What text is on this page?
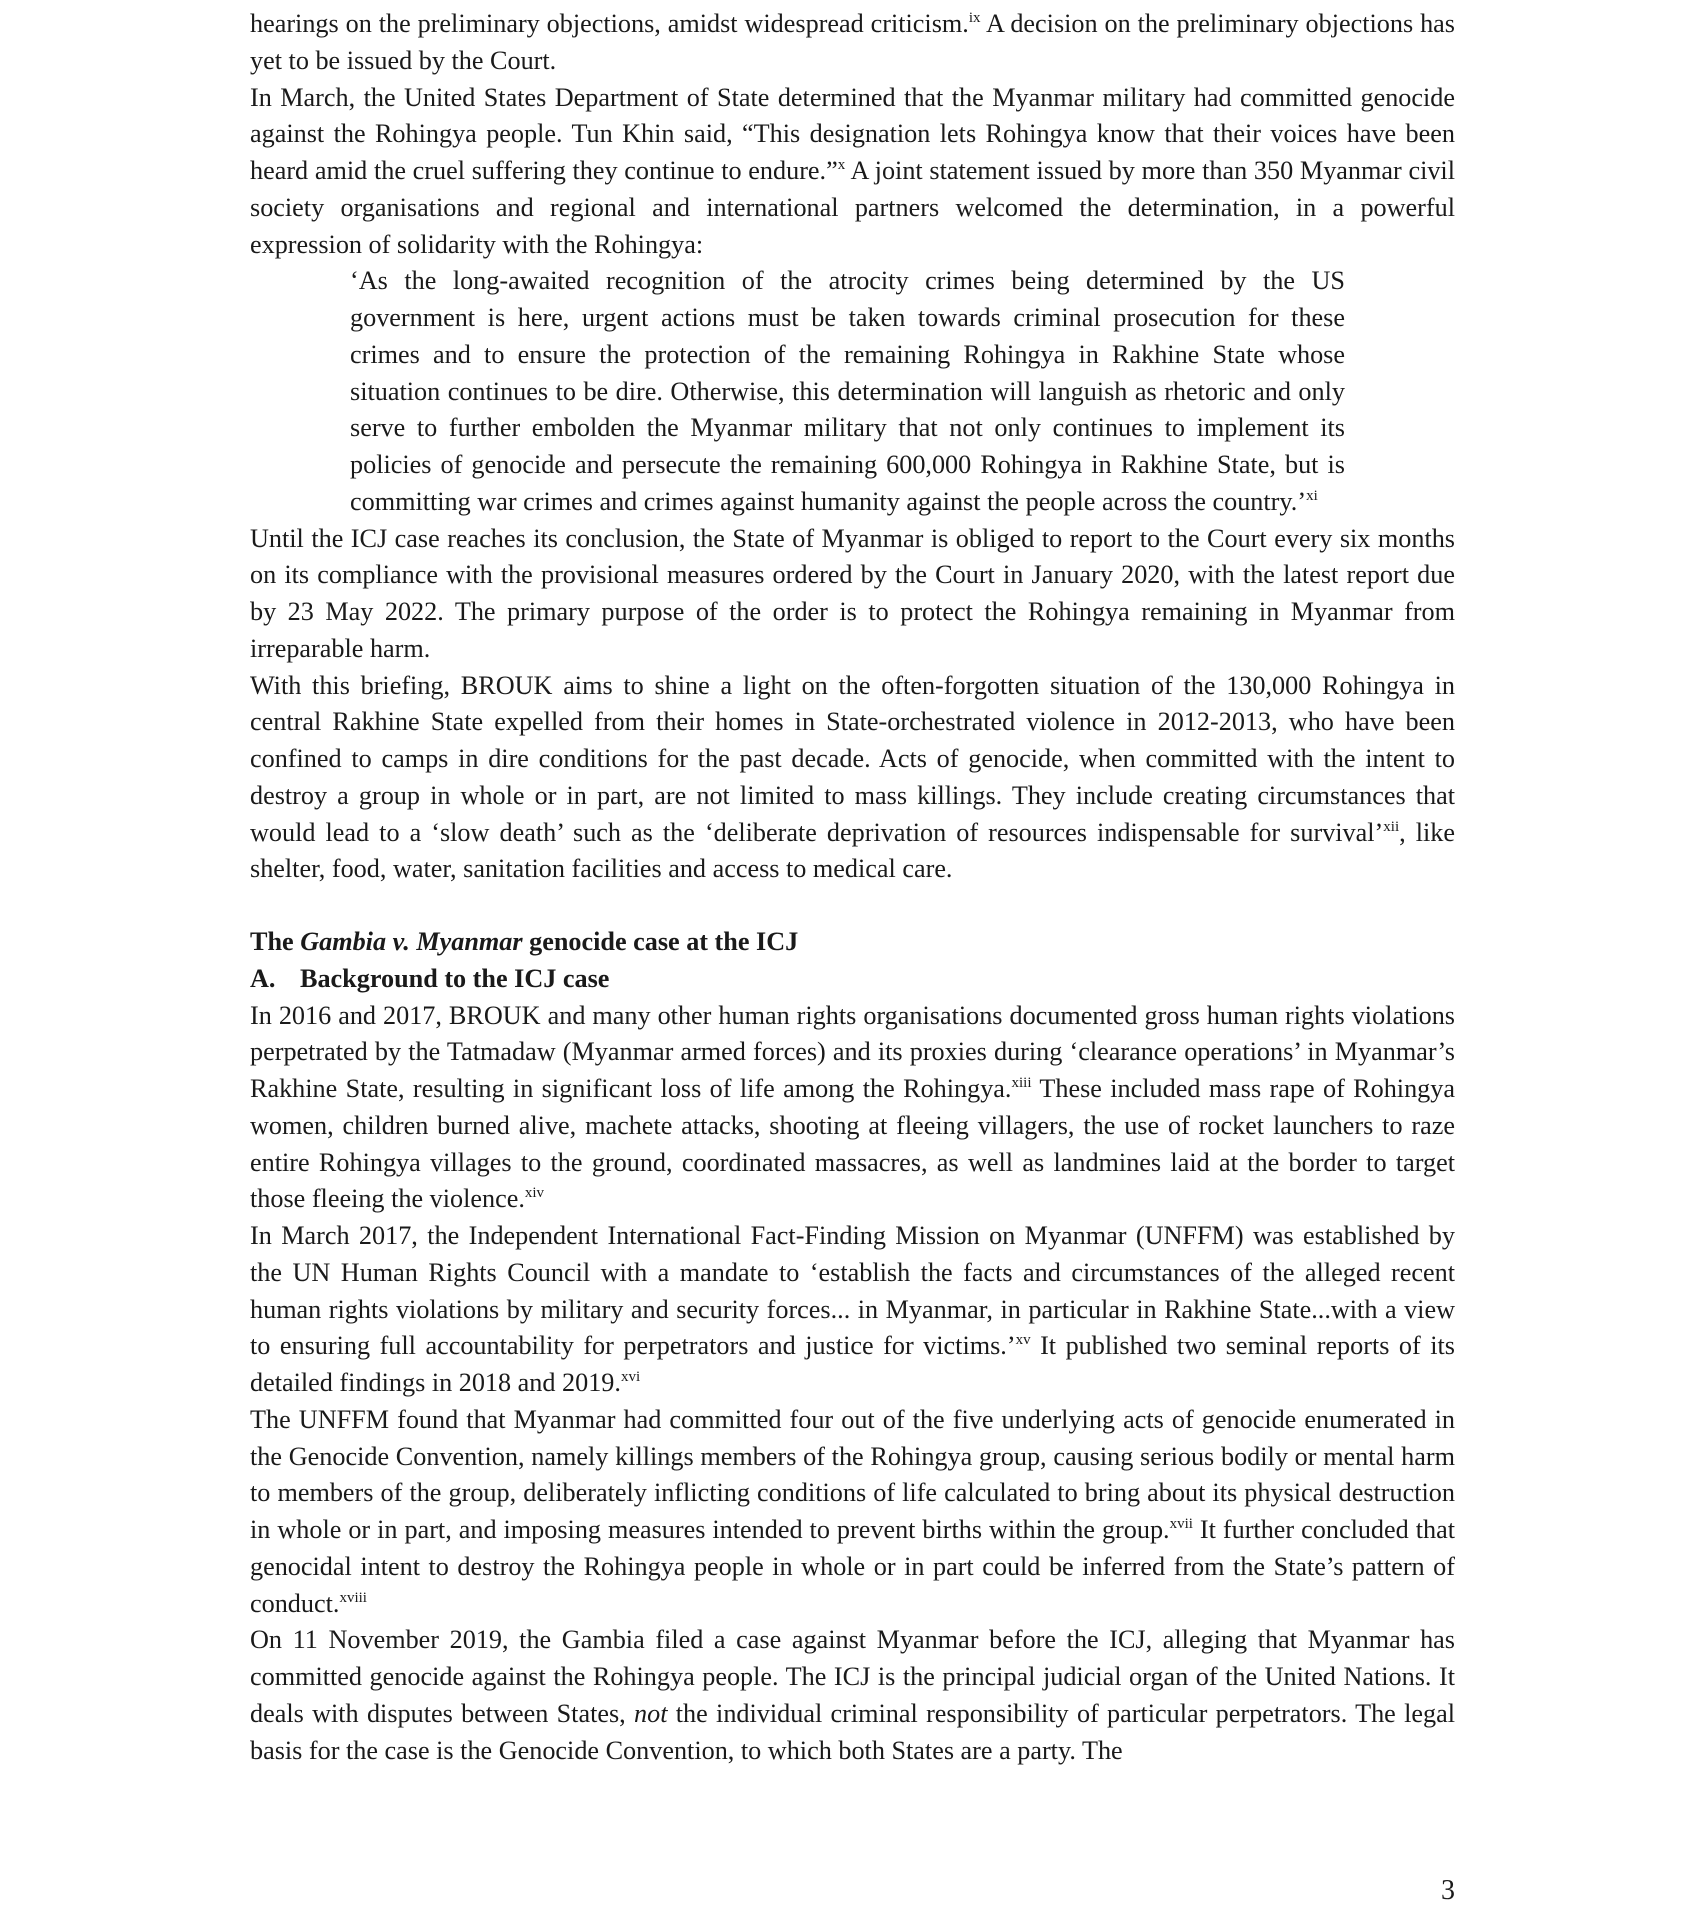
hearings on the preliminary objections, amidst widespread criticism.$^{ix}$ A decision on the preliminary objections has yet to be issued by the Court.

In March, the United States Department of State determined that the Myanmar military had committed genocide against the Rohingya people. Tun Khin said, “This designation lets Rohingya know that their voices have been heard amid the cruel suffering they continue to endure.”$^x$ A joint statement issued by more than 350 Myanmar civil society organisations and regional and international partners welcomed the determination, in a powerful expression of solidarity with the Rohingya:

‘As the long-awaited recognition of the atrocity crimes being determined by the US government is here, urgent actions must be taken towards criminal prosecution for these crimes and to ensure the protection of the remaining Rohingya in Rakhine State whose situation continues to be dire. Otherwise, this determination will languish as rhetoric and only serve to further embolden the Myanmar military that not only continues to implement its policies of genocide and persecute the remaining 600,000 Rohingya in Rakhine State, but is committing war crimes and crimes against humanity against the people across the country.’$^{xi}$

Until the ICJ case reaches its conclusion, the State of Myanmar is obliged to report to the Court every six months on its compliance with the provisional measures ordered by the Court in January 2020, with the latest report due by 23 May 2022. The primary purpose of the order is to protect the Rohingya remaining in Myanmar from irreparable harm.

With this briefing, BROUK aims to shine a light on the often-forgotten situation of the 130,000 Rohingya in central Rakhine State expelled from their homes in State-orchestrated violence in 2012-2013, who have been confined to camps in dire conditions for the past decade. Acts of genocide, when committed with the intent to destroy a group in whole or in part, are not limited to mass killings. They include creating circumstances that would lead to a ‘slow death’ such as the ‘deliberate deprivation of resources indispensable for survival’$^{xii}$, like shelter, food, water, sanitation facilities and access to medical care.

The Gambia v. Myanmar genocide case at the ICJ

A. Background to the ICJ case

In 2016 and 2017, BROUK and many other human rights organisations documented gross human rights violations perpetrated by the Tatmadaw (Myanmar armed forces) and its proxies during ‘clearance operations’ in Myanmar’s Rakhine State, resulting in significant loss of life among the Rohingya.$^{xiii}$ These included mass rape of Rohingya women, children burned alive, machete attacks, shooting at fleeing villagers, the use of rocket launchers to raze entire Rohingya villages to the ground, coordinated massacres, as well as landmines laid at the border to target those fleeing the violence.$^{xiv}$

In March 2017, the Independent International Fact-Finding Mission on Myanmar (UNFFM) was established by the UN Human Rights Council with a mandate to ‘establish the facts and circumstances of the alleged recent human rights violations by military and security forces... in Myanmar, in particular in Rakhine State...with a view to ensuring full accountability for perpetrators and justice for victims.’$^{xv}$ It published two seminal reports of its detailed findings in 2018 and 2019.$^{xvi}$

The UNFFM found that Myanmar had committed four out of the five underlying acts of genocide enumerated in the Genocide Convention, namely killings members of the Rohingya group, causing serious bodily or mental harm to members of the group, deliberately inflicting conditions of life calculated to bring about its physical destruction in whole or in part, and imposing measures intended to prevent births within the group.$^{xvii}$ It further concluded that genocidal intent to destroy the Rohingya people in whole or in part could be inferred from the State’s pattern of conduct.$^{xviii}$

On 11 November 2019, the Gambia filed a case against Myanmar before the ICJ, alleging that Myanmar has committed genocide against the Rohingya people. The ICJ is the principal judicial organ of the United Nations. It deals with disputes between States, not the individual criminal responsibility of particular perpetrators. The legal basis for the case is the Genocide Convention, to which both States are a party. The

3
